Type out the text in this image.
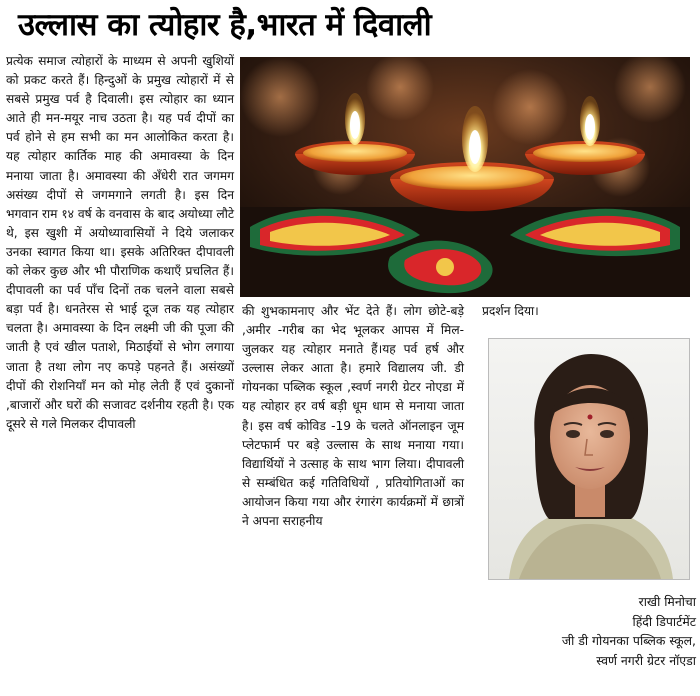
उल्लास का त्योहार है,भारत में दिवाली

प्रत्येक समाज त्योहारों के माध्यम से अपनी खुशियों को प्रकट करते हैं। हिन्दुओं के प्रमुख त्योहारों में से सबसे प्रमुख पर्व है दिवाली। इस त्योहार का ध्यान आते ही मन-मयूर नाच उठता है। यह पर्व दीपों का पर्व होने से हम सभी का मन आलोकित करता है। यह त्योहार कार्तिक माह की अमावस्या के दिन मनाया जाता है। अमावस्या की अँधेरी रात जगमग असंख्य दीपों से जगमगाने लगती है। इस दिन भगवान राम १४ वर्ष के वनवास के बाद अयोध्या लौटे थे, इस खुशी में अयोध्यावासियों ने दिये जलाकर उनका स्वागत किया था। इसके अतिरिक्त दीपावली को लेकर कुछ और भी पौराणिक कथाएँ प्रचलित हैं। दीपावली का पर्व पाँच दिनों तक चलने वाला सबसे बड़ा पर्व है। धनतेरस से भाई दूज तक यह त्योहार चलता है। अमावस्या के दिन लक्ष्मी जी की पूजा की जाती है एवं खील पताशे, मिठाईयों से भोग लगाया जाता है तथा लोग नए कपड़े पहनते हैं। असंख्यों दीपों की रोशनियाँ मन को मोह लेती हैं एवं दुकानों ,बाजारों और घरों की सजावट दर्शनीय रहती है। एक दूसरे से गले मिलकर दीपावली

की शुभकामनाए और भेंट देते हैं। लोग छोटे-बड़े ,अमीर -गरीब का भेद भूलकर आपस में मिल-जुलकर यह त्योहार मनाते हैं।यह पर्व हर्ष और उल्लास लेकर आता है। हमारे विद्यालय जी. डी गोयनका पब्लिक स्कूल ,स्वर्ण नगरी ग्रेटर नोएडा में यह त्योहार हर वर्ष बड़ी धूम धाम से मनाया जाता है। इस वर्ष कोविड -19 के चलते ऑनलाइन जूम प्लेटफार्म पर बड़े उल्लास के साथ मनाया गया। विद्यार्थियों ने उत्साह के साथ भाग लिया। दीपावली से सम्बंधित कई गतिविधियों , प्रतियोगिताओं का आयोजन किया गया और रंगारंग कार्यक्रमों में छात्रों ने अपना सराहनीय

प्रदर्शन दिया।

राखी मिनोचा
हिंदी डिपार्टमेंट
जी डी गोयनका पब्लिक स्कूल,
स्वर्ण नगरी ग्रेटर नॉएडा
